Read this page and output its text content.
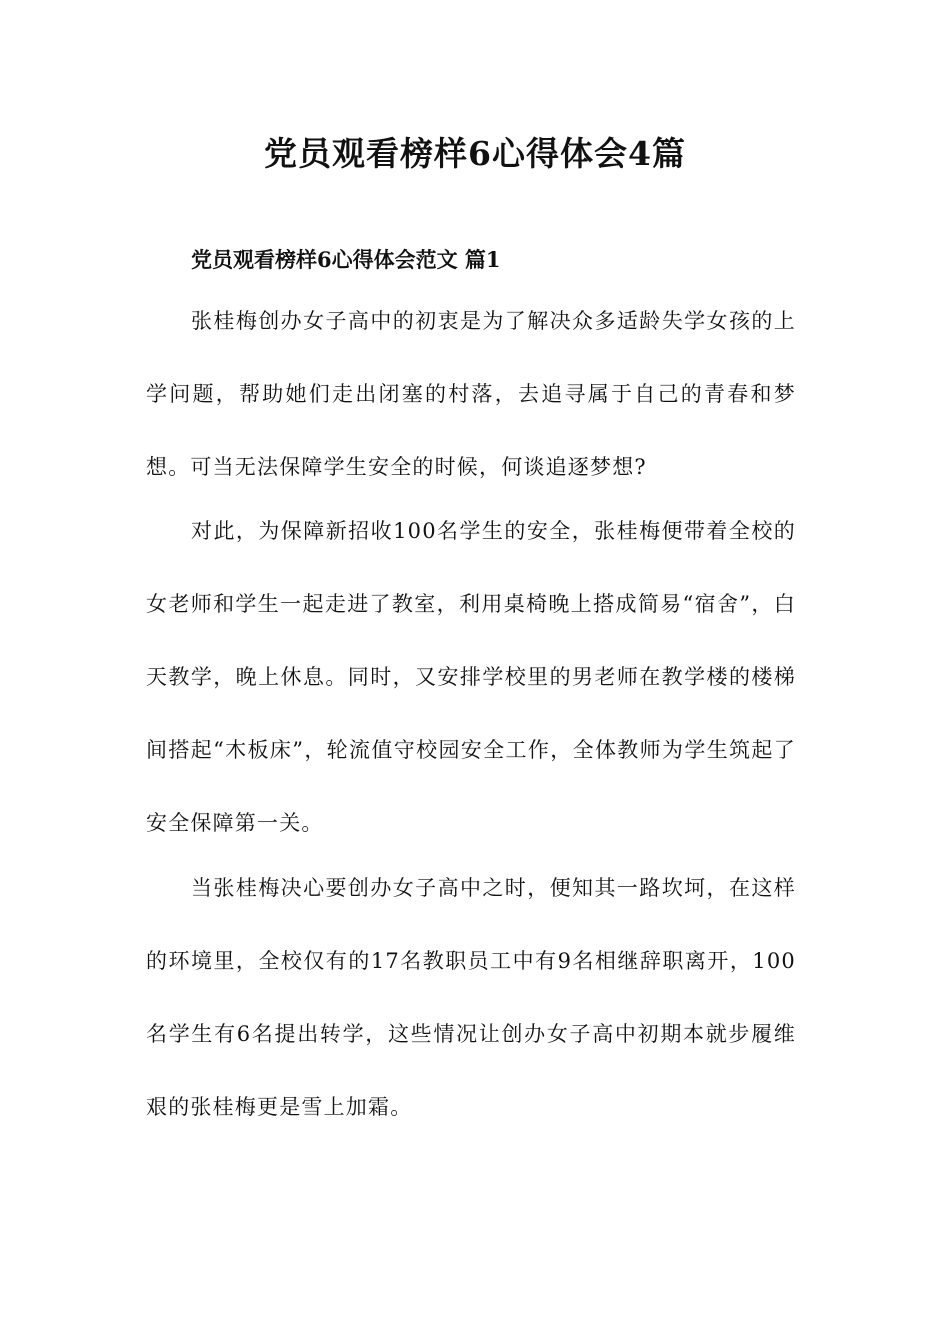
党员观看榜样6心得体会4篇
党员观看榜样6心得体会范文 篇1

张桂梅创办女子高中的初衷是为了解决众多适龄失学女孩的上学问题，帮助她们走出闭塞的村落，去追寻属于自己的青春和梦想。可当无法保障学生安全的时候，何谈追逐梦想?

对此，为保障新招收100名学生的安全，张桂梅便带着全校的女老师和学生一起走进了教室，利用桌椅晚上搭成简易“宿舍”，白天教学，晚上休息。同时，又安排学校里的男老师在教学楼的楼梯间搭起“木板床”，轮流值守校园安全工作，全体教师为学生筑起了安全保障第一关。

当张桂梅决心要创办女子高中之时，便知其一路坎坷，在这样的环境里，全校仅有的17名教职员工中有9名相继辞职离开，100名学生有6名提出转学，这些情况让创办女子高中初期本就步履维艰的张桂梅更是雪上加霜。
